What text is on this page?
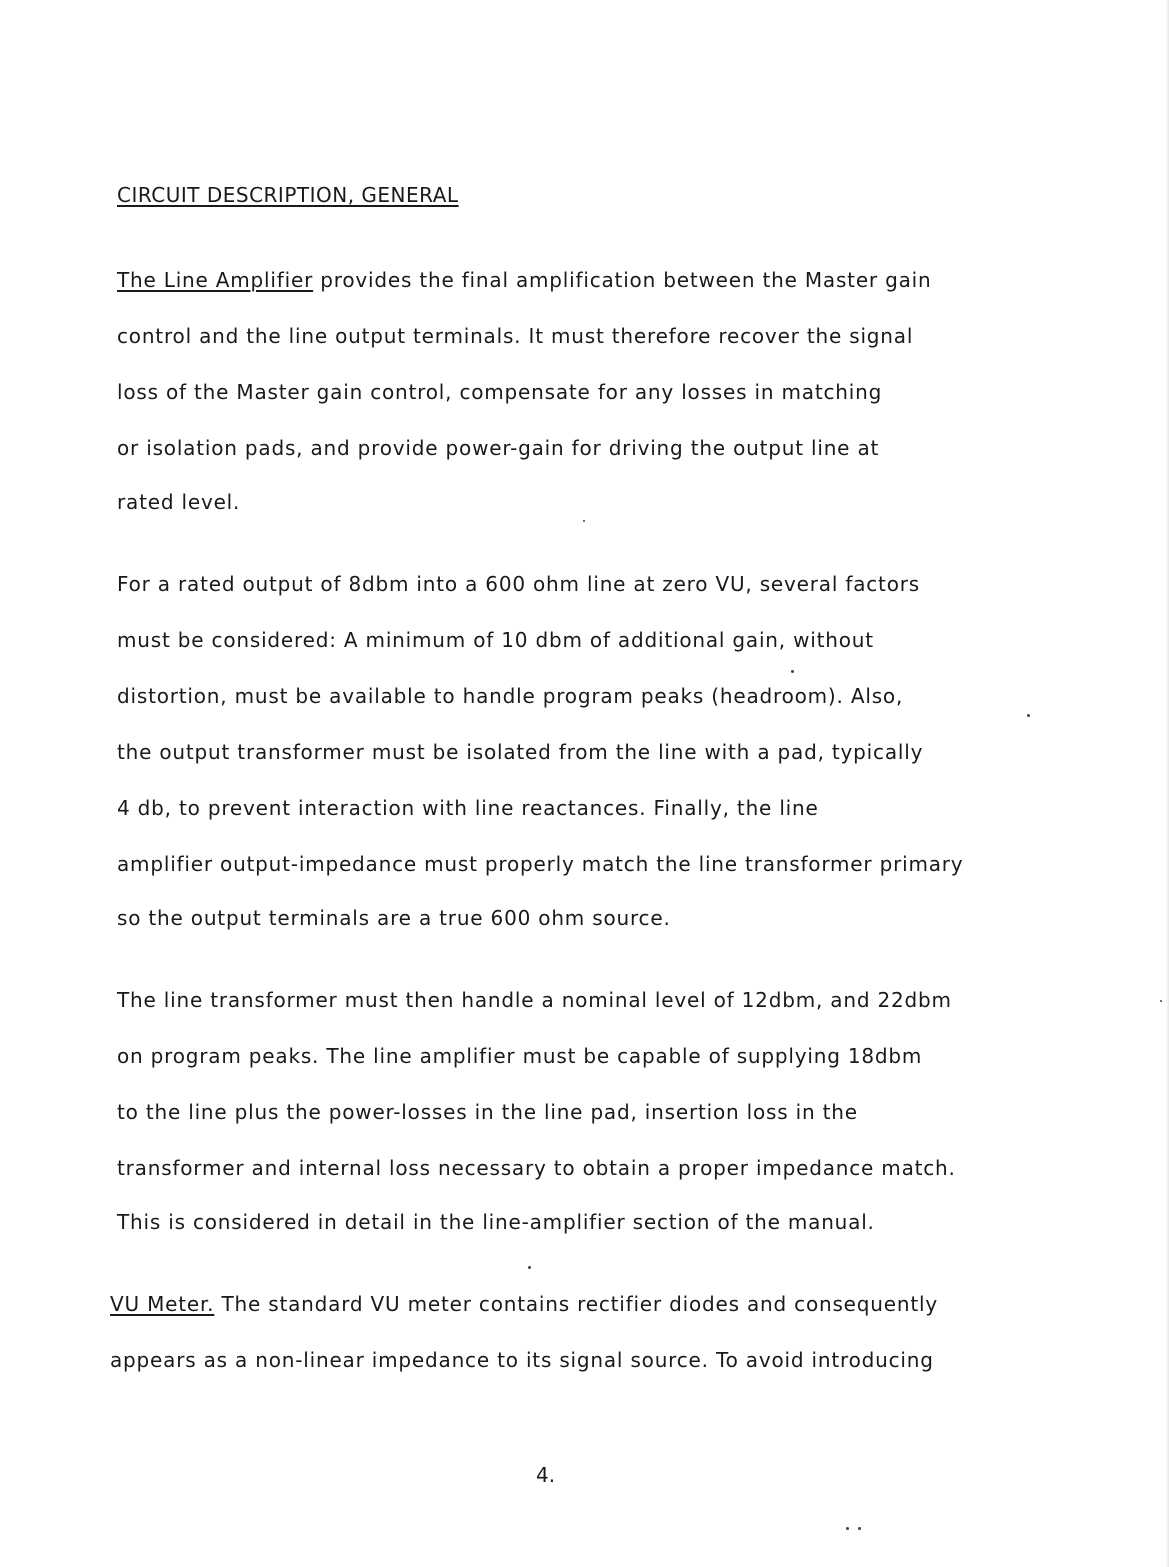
CIRCUIT DESCRIPTION, GENERAL
The Line Amplifier provides the final amplification between the Master gain
control and the line output terminals. It must therefore recover the signal
loss of the Master gain control, compensate for any losses in matching
or isolation pads, and provide power-gain for driving the output line at
rated level.
For a rated output of 8dbm into a 600 ohm line at zero VU, several factors
must be considered: A minimum of 10 dbm of additional gain, without
distortion, must be available to handle program peaks (headroom). Also,
the output transformer must be isolated from the line with a pad, typically
4 db, to prevent interaction with line reactances. Finally, the line
amplifier output-impedance must properly match the line transformer primary
so the output terminals are a true 600 ohm source.
The line transformer must then handle a nominal level of 12dbm, and 22dbm
on program peaks. The line amplifier must be capable of supplying 18dbm
to the line plus the power-losses in the line pad, insertion loss in the
transformer and internal loss necessary to obtain a proper impedance match.
This is considered in detail in the line-amplifier section of the manual.
VU Meter. The standard VU meter contains rectifier diodes and consequently
appears as a non-linear impedance to its signal source. To avoid introducing
4.
